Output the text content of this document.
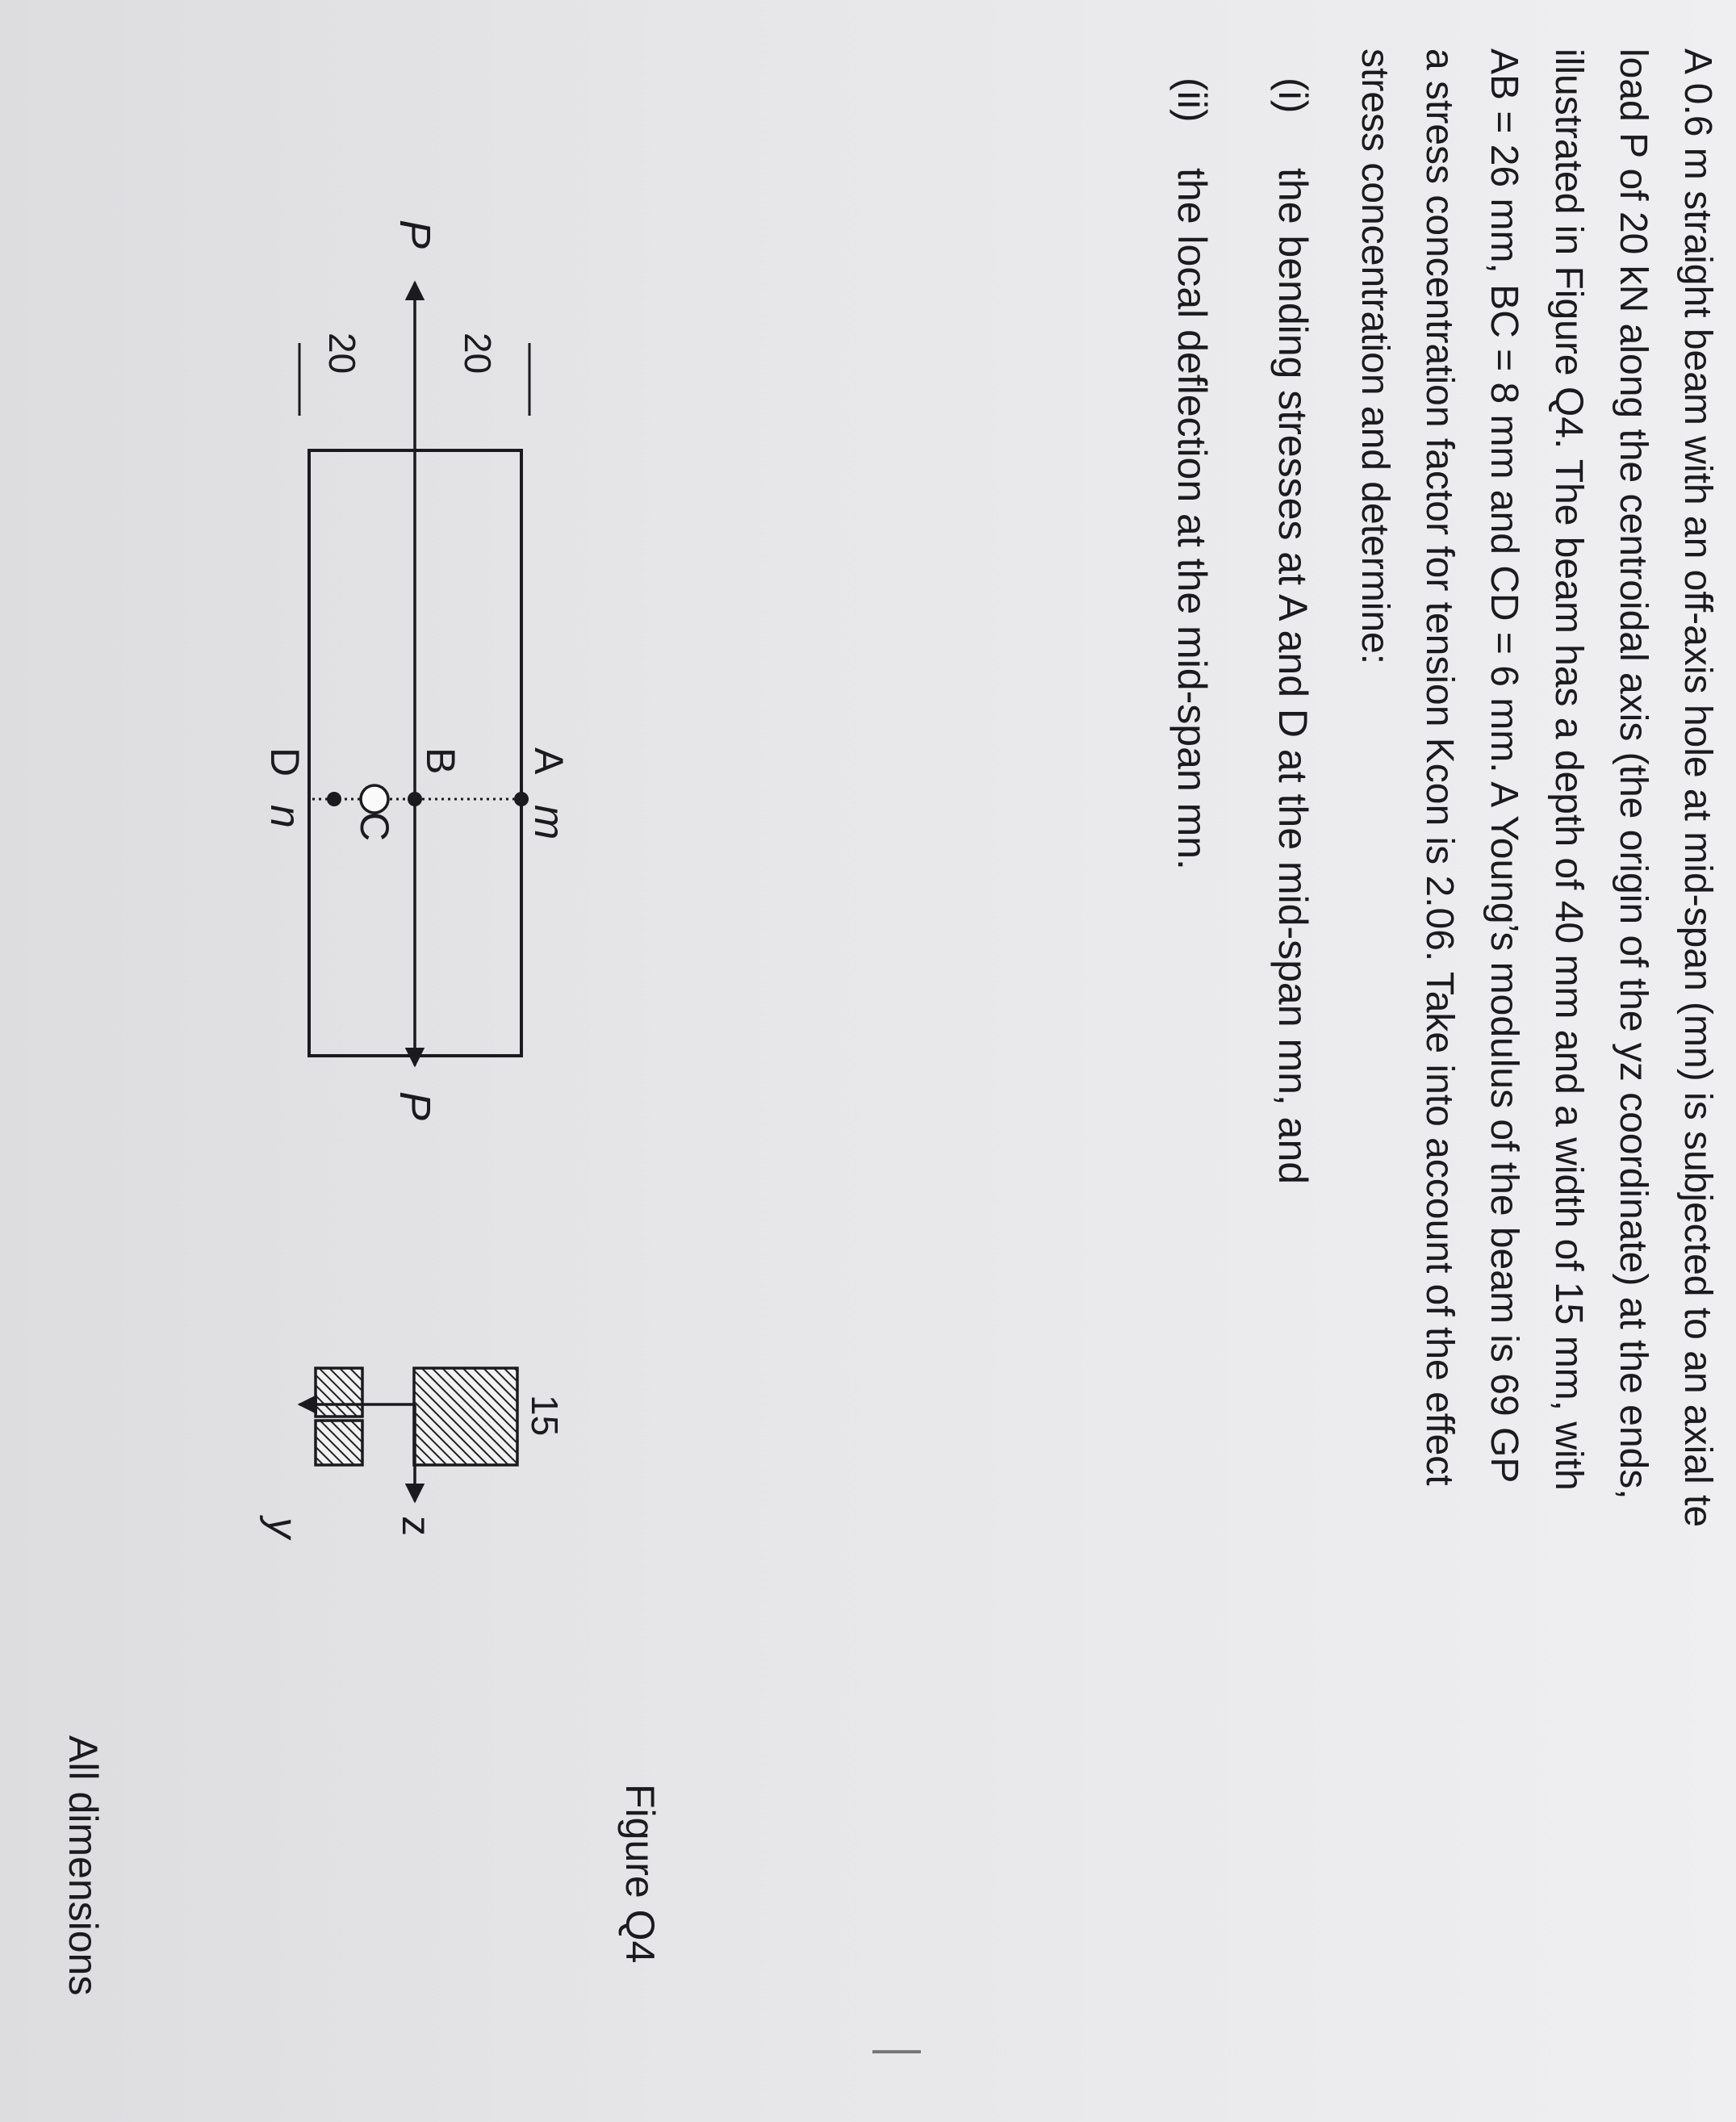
A 0.6 m straight beam with an off-axis hole at mid-span (mn) is subjected to an axial te
load P of 20 kN along the centroidal axis (the origin of the yz coordinate) at the ends,
illustrated in Figure Q4. The beam has a depth of 40 mm and a width of 15 mm, with
AB = 26 mm, BC = 8 mm and CD = 6 mm. A Young’s modulus of the beam is 69 GP
a stress concentration factor for tension Kcon is 2.06. Take into account of the effect
stress concentration and determine:
(i)the bending stresses at A and D at the mid-span mn, and
(ii)the local deflection at the mid-span mn.
P
P
20
20
A
m
B
C
D
n
15
z
y
Figure Q4
All dimensions
